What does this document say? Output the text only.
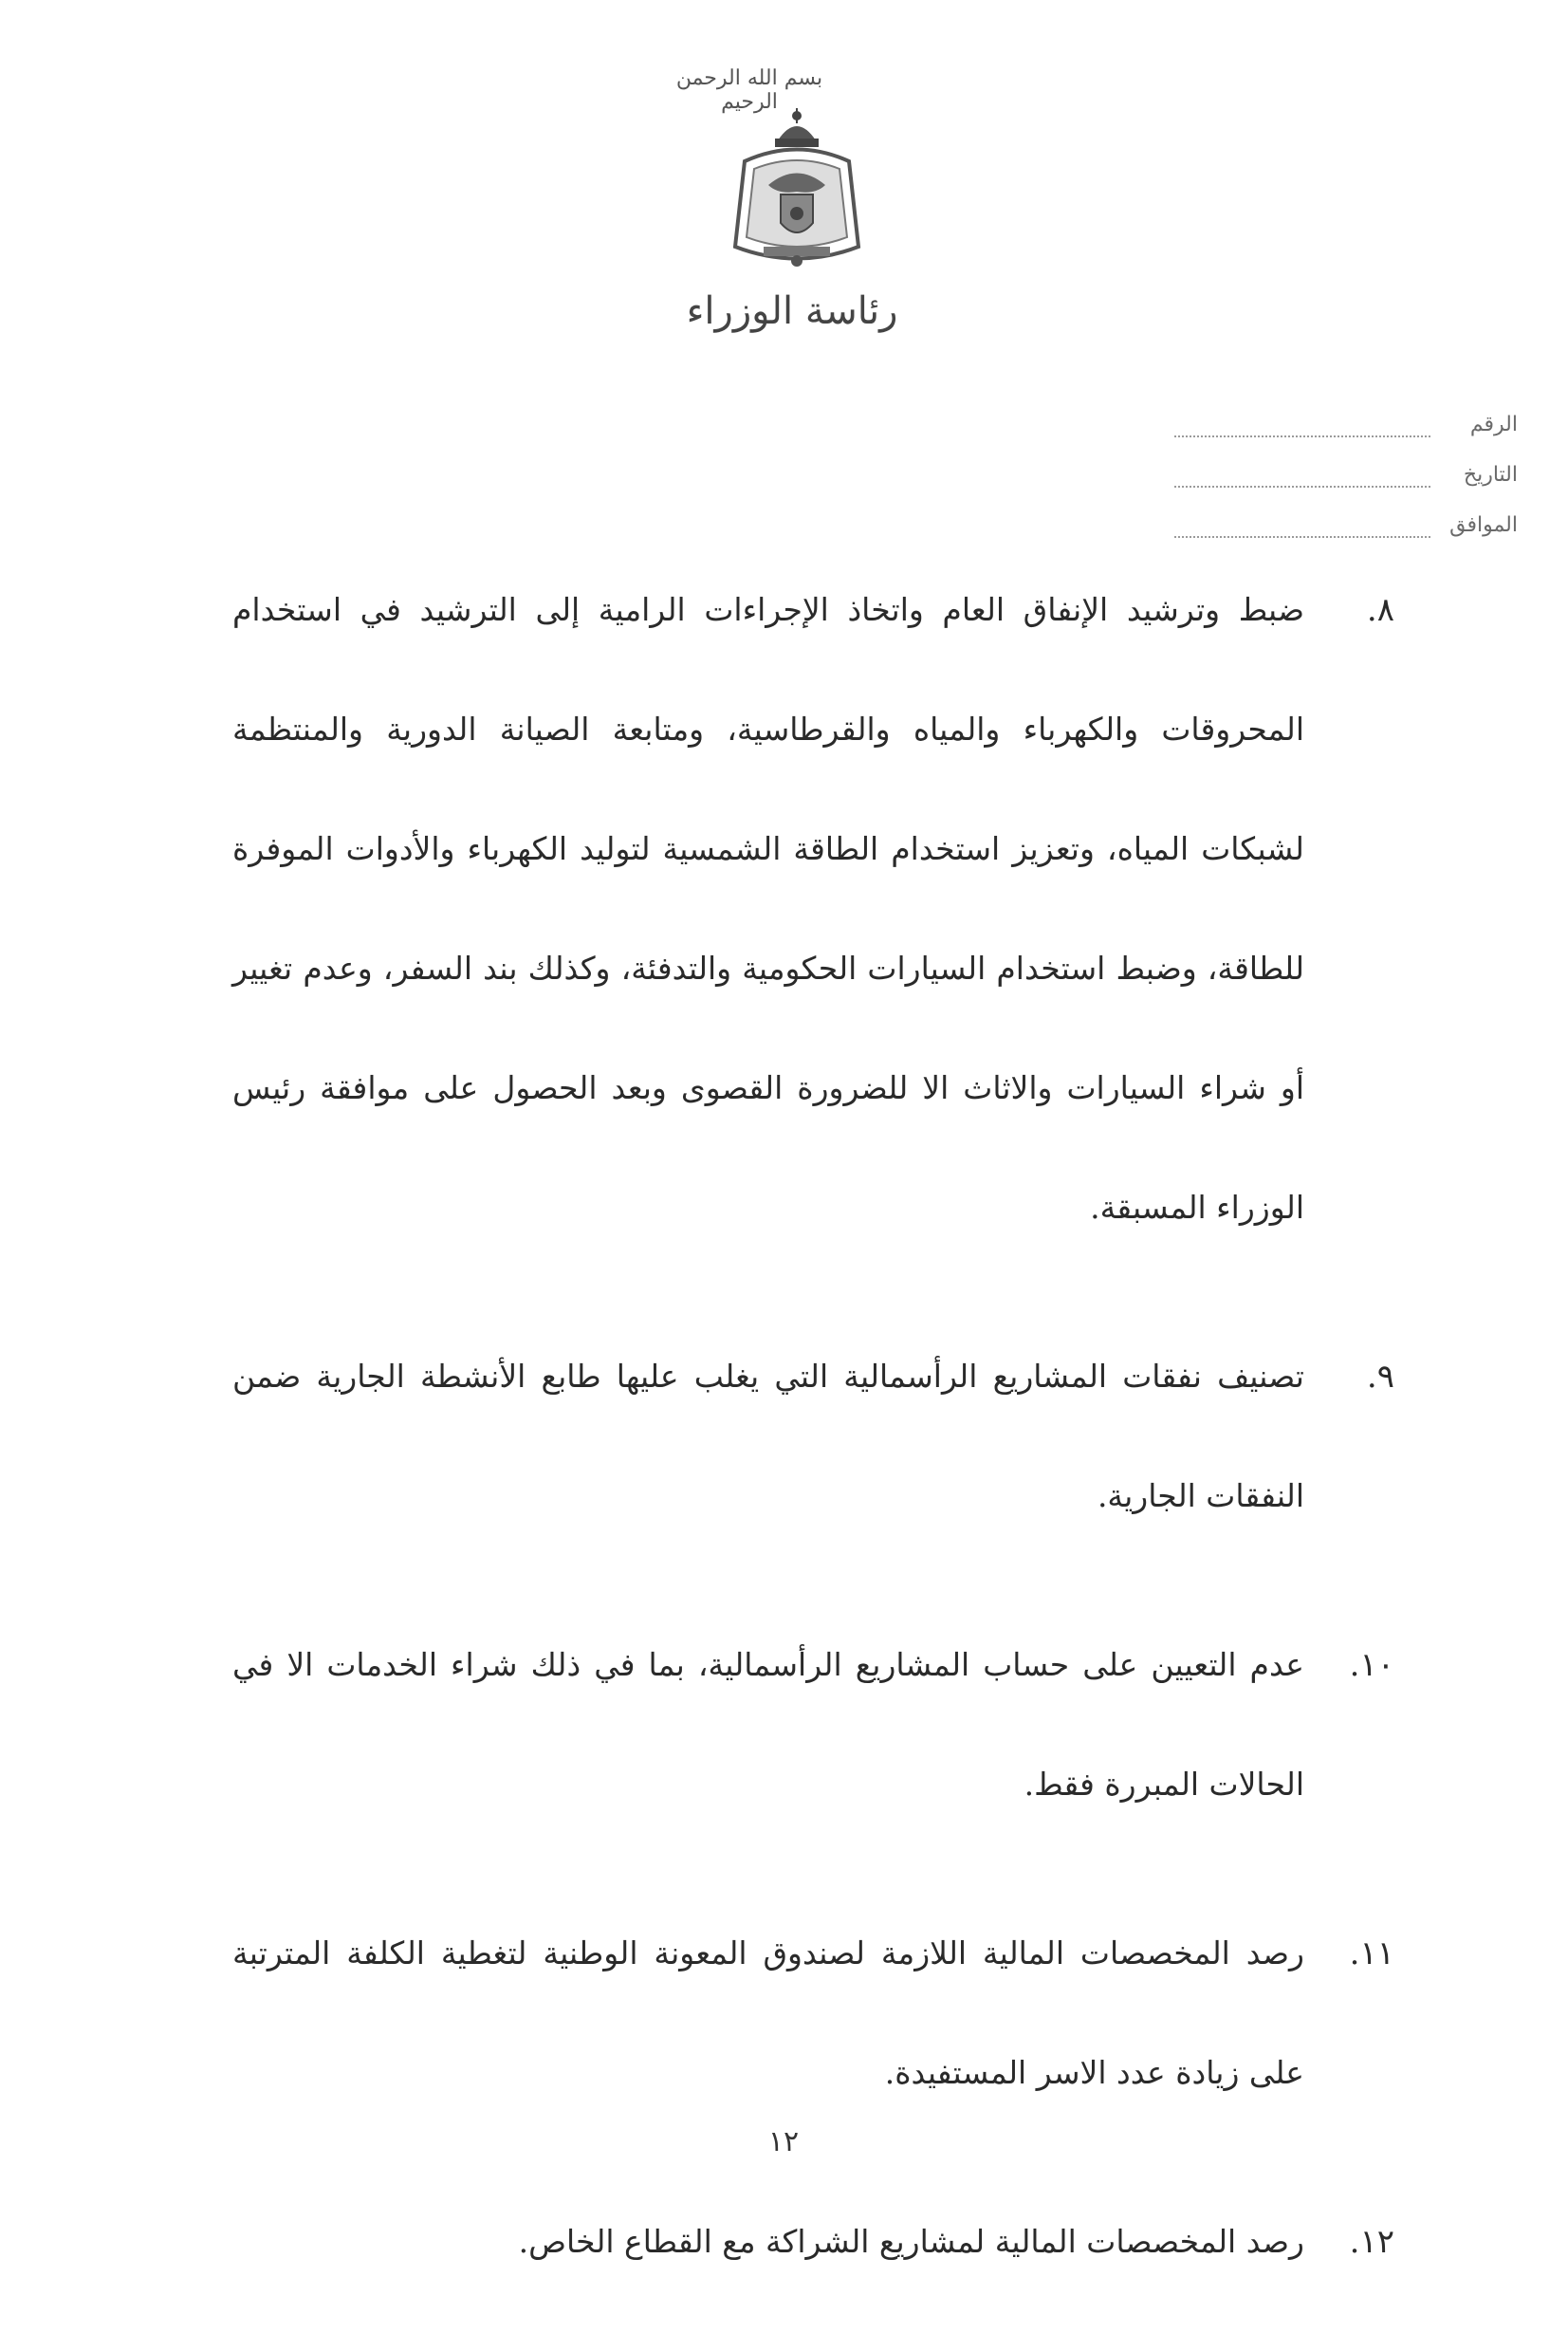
بسم الله الرحمن الرحيم
رئاسة الوزراء
الرقم
التاريخ
الموافق
٨.
ضبط وترشيد الإنفاق العام واتخاذ الإجراءات الرامية إلى الترشيد في استخدام المحروقات والكهرباء والمياه والقرطاسية، ومتابعة الصيانة الدورية والمنتظمة لشبكات المياه، وتعزيز استخدام الطاقة الشمسية لتوليد الكهرباء والأدوات الموفرة للطاقة، وضبط استخدام السيارات الحكومية والتدفئة، وكذلك بند السفر، وعدم تغيير أو شراء السيارات والاثاث الا للضرورة القصوى وبعد الحصول على موافقة رئيس الوزراء المسبقة.
٩.
تصنيف نفقات المشاريع الرأسمالية التي يغلب عليها طابع الأنشطة الجارية ضمن النفقات الجارية.
١٠.
عدم التعيين على حساب المشاريع الرأسمالية، بما في ذلك شراء الخدمات الا في الحالات المبررة فقط.
١١.
رصد المخصصات المالية اللازمة لصندوق المعونة الوطنية لتغطية الكلفة المترتبة على زيادة عدد الاسر المستفيدة.
١٢.
رصد المخصصات المالية لمشاريع الشراكة مع القطاع الخاص.
١٢
